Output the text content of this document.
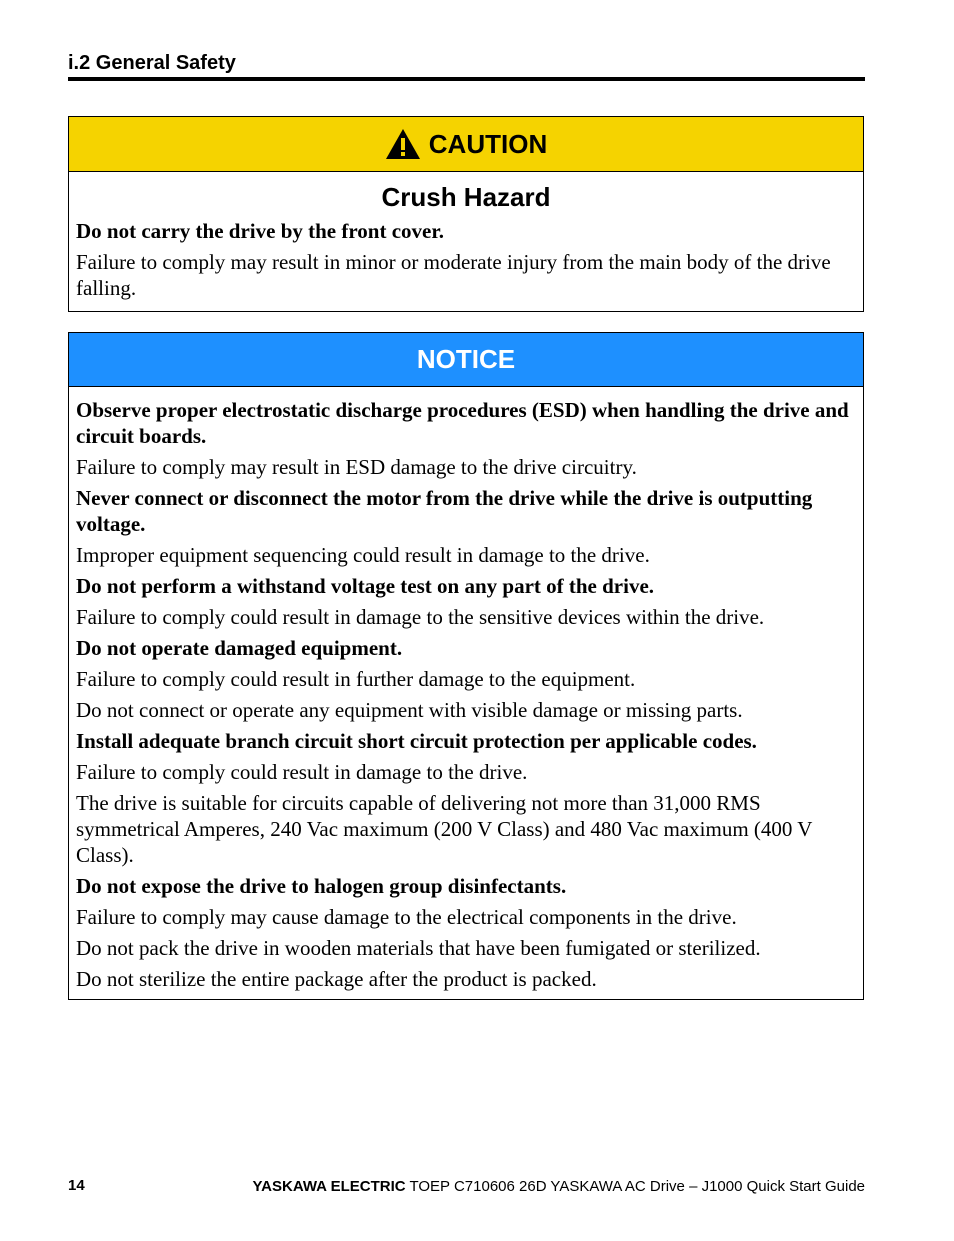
i.2 General Safety
CAUTION
Crush Hazard

Do not carry the drive by the front cover.

Failure to comply may result in minor or moderate injury from the main body of the drive falling.

NOTICE

Observe proper electrostatic discharge procedures (ESD) when handling the drive and circuit boards.

Failure to comply may result in ESD damage to the drive circuitry.

Never connect or disconnect the motor from the drive while the drive is outputting voltage.

Improper equipment sequencing could result in damage to the drive.

Do not perform a withstand voltage test on any part of the drive.

Failure to comply could result in damage to the sensitive devices within the drive.

Do not operate damaged equipment.

Failure to comply could result in further damage to the equipment.

Do not connect or operate any equipment with visible damage or missing parts.

Install adequate branch circuit short circuit protection per applicable codes.

Failure to comply could result in damage to the drive.

The drive is suitable for circuits capable of delivering not more than 31,000 RMS symmetrical Amperes, 240 Vac maximum (200 V Class) and 480 Vac maximum (400 V Class).

Do not expose the drive to halogen group disinfectants.

Failure to comply may cause damage to the electrical components in the drive.

Do not pack the drive in wooden materials that have been fumigated or sterilized.

Do not sterilize the entire package after the product is packed.

14	YASKAWA ELECTRIC TOEP C710606 26D YASKAWA AC Drive – J1000 Quick Start Guide
